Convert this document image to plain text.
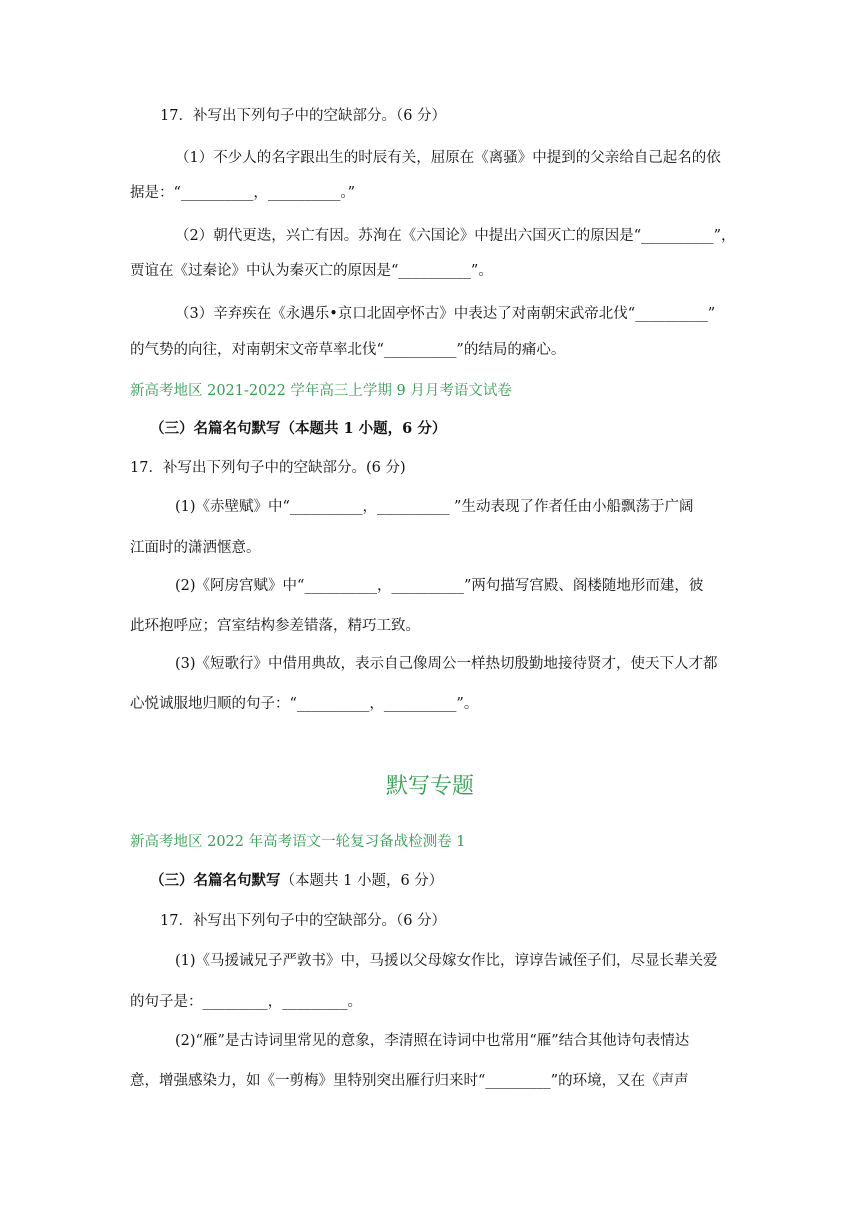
17．补写出下列句子中的空缺部分。（6 分）
（1）不少人的名字跟出生的时辰有关，屈原在《离骚》中提到的父亲给自己起名的依
据是：“__________，__________。”
（2）朝代更迭，兴亡有因。苏洵在《六国论》中提出六国灭亡的原因是“__________”，
贾谊在《过秦论》中认为秦灭亡的原因是“__________”。
（3）辛弃疾在《永遇乐•京口北固亭怀古》中表达了对南朝宋武帝北伐“__________”
的气势的向往，对南朝宋文帝草率北伐“__________”的结局的痛心。
新高考地区 2021-2022 学年高三上学期 9 月月考语文试卷
（三）名篇名句默写（本题共 1 小题，6 分）
17．补写出下列句子中的空缺部分。(6 分)
(1)《赤壁赋》中“__________，__________ ”生动表现了作者任由小船飘荡于广阔
江面时的潇洒惬意。
(2)《阿房宫赋》中“__________，__________”两句描写宫殿、阁楼随地形而建，彼
此环抱呼应；宫室结构参差错落，精巧工致。
(3)《短歌行》中借用典故，表示自己像周公一样热切殷勤地接待贤才，使天下人才都
心悦诚服地归顺的句子：“__________，__________”。
默写专题
新高考地区 2022 年高考语文一轮复习备战检测卷 1
（三）名篇名句默写（本题共 1 小题，6 分）
17．补写出下列句子中的空缺部分。（6 分）
(1)《马援诫兄子严敦书》中，马援以父母嫁女作比，谆谆告诫侄子们，尽显长辈关爱
的句子是：_________，_________。
(2)“雁”是古诗词里常见的意象，李清照在诗词中也常用“雁”结合其他诗句表情达
意，增强感染力，如《一剪梅》里特别突出雁行归来时“_________”的环境，又在《声声
